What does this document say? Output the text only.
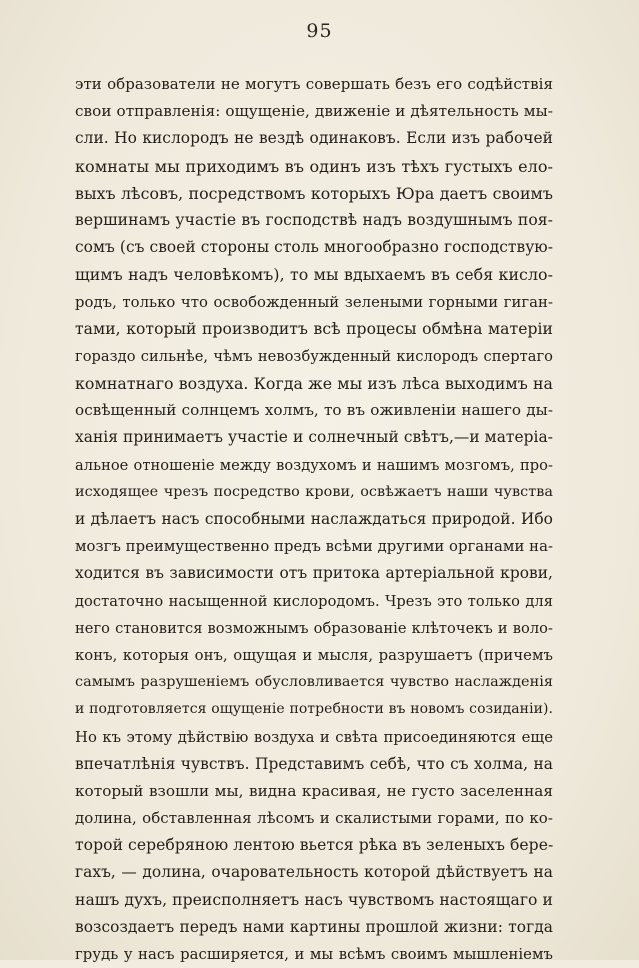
95
эти образователи не могутъ совершать безъ его содѣйствія
свои отправленія: ощущеніе, движеніе и дѣятельность мы-
сли. Но кислородъ не вездѣ одинаковъ. Если изъ рабочей
комнаты мы приходимъ въ одинъ изъ тѣхъ густыхъ ело-
выхъ лѣсовъ, посредствомъ которыхъ Юра даетъ своимъ
вершинамъ участіе въ господствѣ надъ воздушнымъ поя-
сомъ (съ своей стороны столь многообразно господствую-
щимъ надъ человѣкомъ), то мы вдыхаемъ въ себя кисло-
родъ, только что освобожденный зелеными горными гиган-
тами, который производитъ всѣ процесы обмѣна матеріи
гораздо сильнѣе, чѣмъ невозбужденный кислородъ спертаго
комнатнаго воздуха. Когда же мы изъ лѣса выходимъ на
освѣщенный солнцемъ холмъ, то въ оживленіи нашего ды-
ханія принимаетъ участіе и солнечный свѣтъ,—и матеріа-
альное отношеніе между воздухомъ и нашимъ мозгомъ, про-
исходящее чрезъ посредство крови, освѣжаетъ наши чувства
и дѣлаетъ насъ способными наслаждаться природой. Ибо
мозгъ преимущественно предъ всѣми другими органами на-
ходится въ зависимости отъ притока артеріальной крови,
достаточно насыщенной кислородомъ. Чрезъ это только для
него становится возможнымъ образованіе клѣточекъ и воло-
конъ, которыя онъ, ощущая и мысля, разрушаетъ (причемъ
самымъ разрушеніемъ обусловливается чувство наслажденія
и подготовляется ощущеніе потребности въ новомъ созиданіи).
Но къ этому дѣйствію воздуха и свѣта присоединяются еще
впечатлѣнія чувствъ. Представимъ себѣ, что съ холма, на
который взошли мы, видна красивая, не густо заселенная
долина, обставленная лѣсомъ и скалистыми горами, по ко-
торой серебряною лентою вьется рѣка въ зеленыхъ бере-
гахъ, — долина, очаровательность которой дѣйствуетъ на
нашъ духъ, преисполняетъ насъ чувствомъ настоящаго и
возсоздаетъ передъ нами картины прошлой жизни: тогда
грудь у насъ расширяется, и мы всѣмъ своимъ мышленіемъ
